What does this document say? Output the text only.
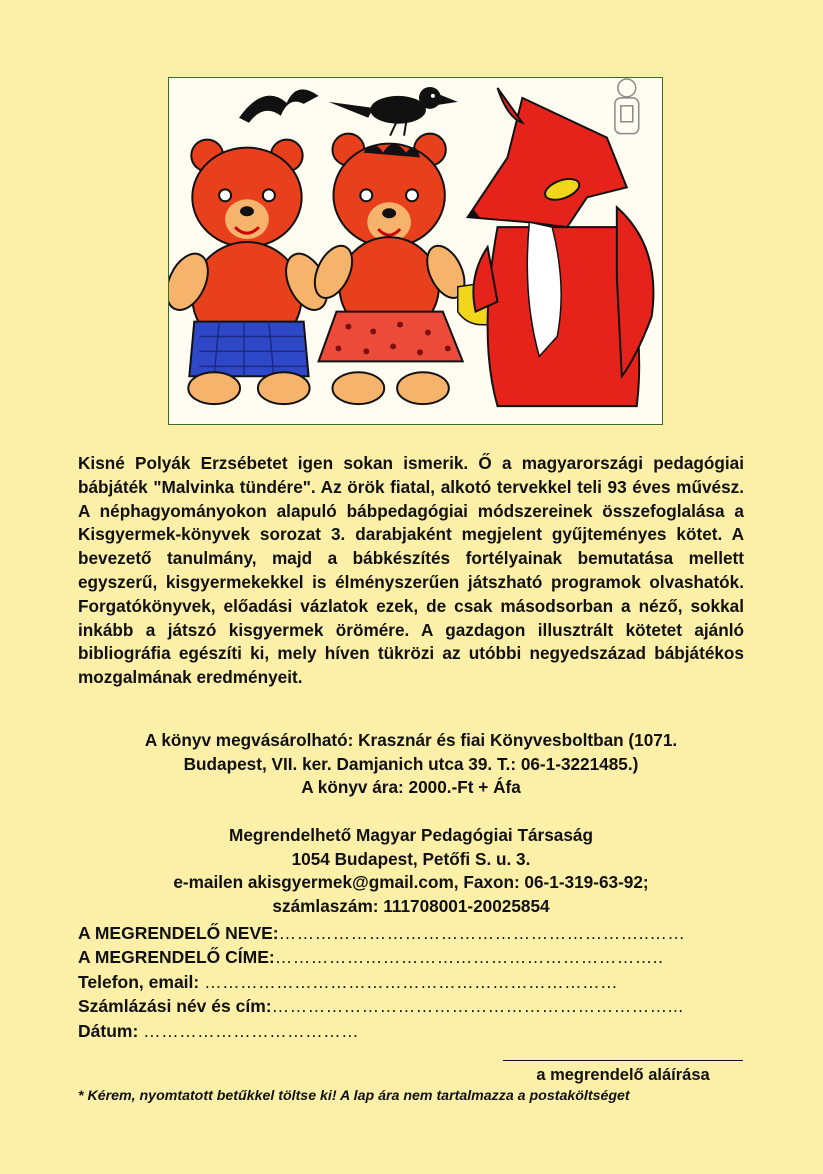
Kisné Polyák Erzsébetet igen sokan ismerik. Ő a magyarországi pedagógiai bábjáték "Malvinka tündére". Az örök fiatal, alkotó tervekkel teli 93 éves művész. A néphagyományokon alapuló bábpedagógiai módszereinek összefoglalása a Kisgyermek-könyvek sorozat 3. darabjaként megjelent gyűjteményes kötet. A bevezető tanulmány, majd a bábkészítés fortélyainak bemutatása mellett egyszerű, kisgyermekekkel is élményszerűen játszható programok olvashatók. Forgatókönyvek, előadási vázlatok ezek, de csak másodsorban a néző, sokkal inkább a játszó kisgyermek örömére. A gazdagon illusztrált kötetet ajánló bibliográfia egészíti ki, mely híven tükrözi az utóbbi negyedszázad bábjátékos mozgalmának eredményeit.

A könyv megvásárolható: Krasznár és fiai Könyvesboltban (1071.
Budapest, VII. ker. Damjanich utca 39. T.: 06-1-3221485.)
A könyv ára: 2000.-Ft + Áfa
Megrendelhető Magyar Pedagógiai Társaság
1054 Budapest, Petőfi S. u. 3.
e-mailen akisgyermek@gmail.com, Faxon: 06-1-319-63-92;
számlaszám: 111708001-20025854
A MEGRENDELŐ NEVE:……………………………………………………..……
A MEGRENDELŐ CÍME:………………………………………………………..
Telefon, email: ……………………………………………………………
Számlázási név és cím:…………………………………………………………...
Dátum: ………………………………
a megrendelő aláírása
* Kérem, nyomtatott betűkkel töltse ki! A lap ára nem tartalmazza a postaköltséget
